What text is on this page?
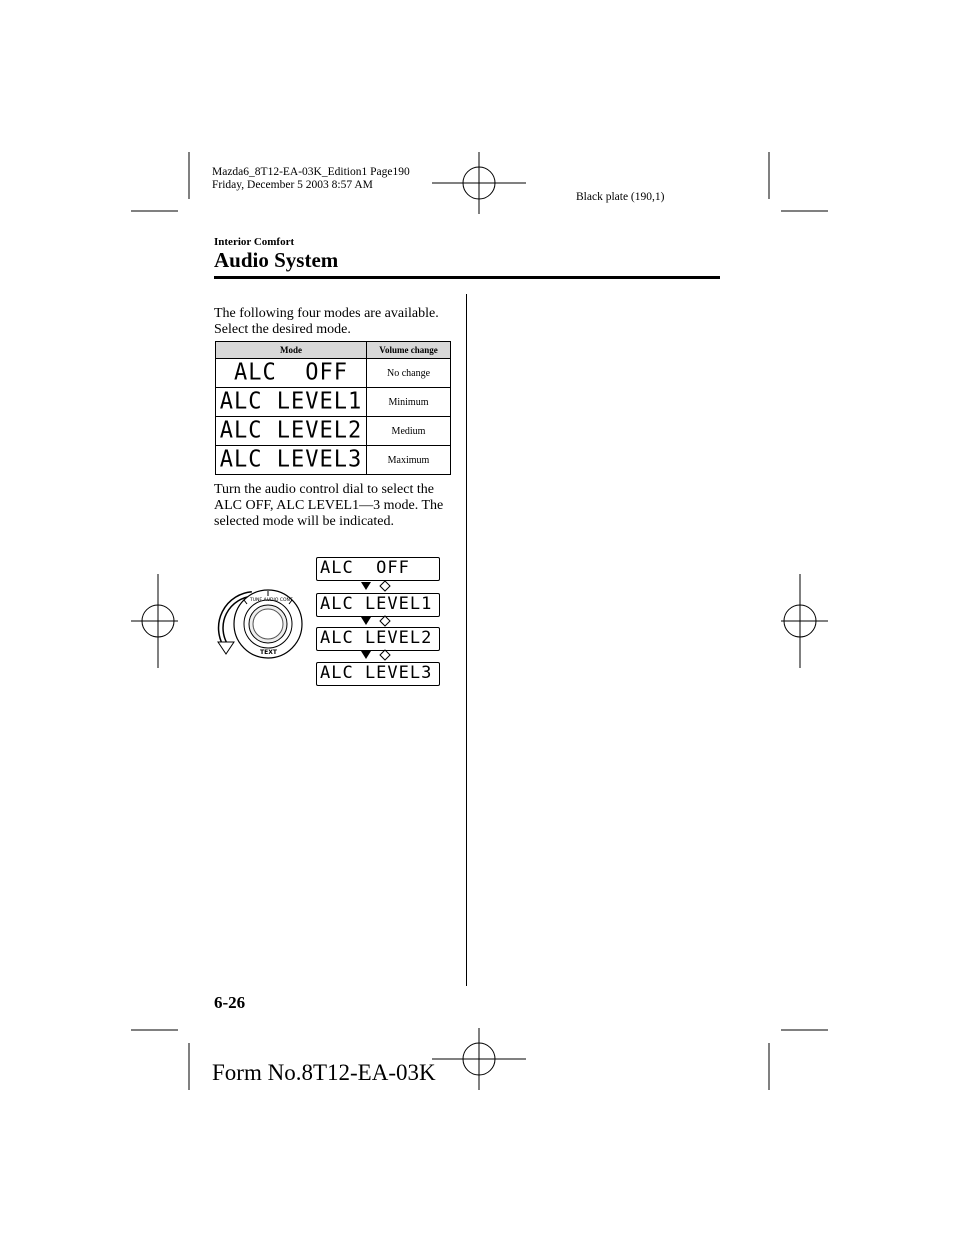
Mazda6_8T12-EA-03K_Edition1 Page190
Friday, December 5 2003 8:57 AM
Black plate (190,1)
Interior Comfort
Audio System
The following four modes are available.
Select the desired mode.
Mode	Volume change

ALC  OFF	No change

ALC LEVEL1	Minimum

ALC LEVEL2	Medium

ALC LEVEL3	Maximum
Turn the audio control dial to select the
ALC OFF, ALC LEVEL1—3 mode. The
selected mode will be indicated.
TUNE AUDIO CONT
TEXT
ALC  OFF
ALC LEVEL1
ALC LEVEL2
ALC LEVEL3
6-26
Form No.8T12-EA-03K
